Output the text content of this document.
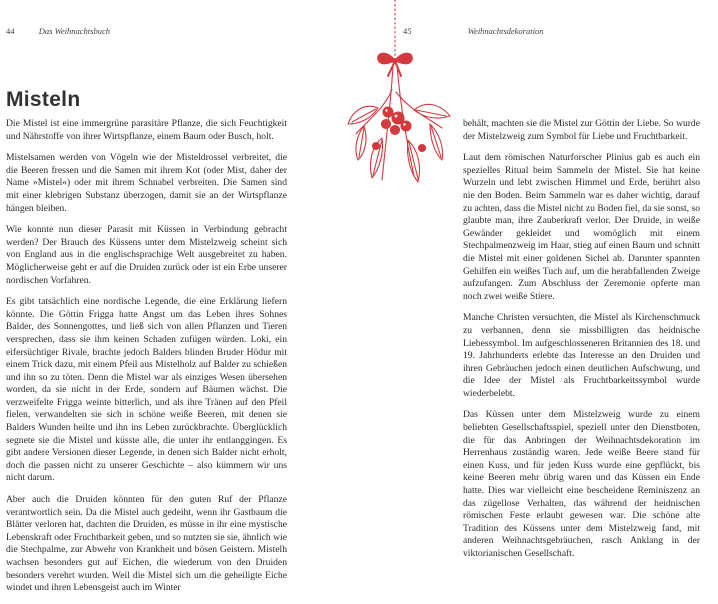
44	Das Weihnachtsbuch
Misteln

Die Mistel ist eine immergrüne parasitäre Pflanze, die sich Feuchtigkeit und Nährstoffe von ihrer Wirtspflanze, einem Baum oder Busch, holt.

Mistelsamen werden von Vögeln wie der Misteldrossel verbreitet, die die Beeren fressen und die Samen mit ihrem Kot (oder Mist, daher der Name »Mistel«) oder mit ihrem Schnabel verbreiten. Die Samen sind mit einer klebrigen Substanz überzogen, damit sie an der Wirtspflanze hängen bleiben.

Wie konnte nun dieser Parasit mit Küssen in Verbindung gebracht werden? Der Brauch des Küssens unter dem Mistelzweig scheint sich von England aus in die englischsprachige Welt ausgebreitet zu haben. Möglicherweise geht er auf die Druiden zurück oder ist ein Erbe unserer nordischen Vorfahren.

Es gibt tatsächlich eine nordische Legende, die eine Erklärung liefern könnte. Die Göttin Frigga hatte Angst um das Leben ihres Sohnes Balder, des Sonnengottes, und ließ sich von allen Pflanzen und Tieren versprechen, dass sie ihm keinen Schaden zufügen würden. Loki, ein eifersüchtiger Rivale, brachte jedoch Balders blinden Bruder Hödur mit einem Trick dazu, mit einem Pfeil aus Mistelholz auf Balder zu schießen und ihn so zu töten. Denn die Mistel war als einziges Wesen übersehen worden, da sie nicht in der Erde, sondern auf Bäumen wächst. Die verzweifelte Frigga weinte bitterlich, und als ihre Tränen auf den Pfeil fielen, verwandelten sie sich in schöne weiße Beeren, mit denen sie Balders Wunden heilte und ihn ins Leben zurückbrachte. Überglücklich segnete sie die Mistel und küsste alle, die unter ihr entlanggingen. Es gibt andere Versionen dieser Legende, in denen sich Balder nicht erholt, doch die passen nicht zu unserer Geschichte – also kümmern wir uns nicht darum.

Aber auch die Druiden könnten für den guten Ruf der Pflanze verantwortlich sein. Da die Mistel auch gedeiht, wenn ihr Gastbaum die Blätter verloren hat, dachten die Druiden, es müsse in ihr eine mystische Lebenskraft oder Fruchtbarkeit geben, und so nutzten sie sie, ähnlich wie die Stechpalme, zur Abwehr von Krankheit und bösen Geistern. Mistelh wachsen besonders gut auf Eichen, die wiederum von den Druiden besonders verehrt wurden. Weil die Mistel sich um die geheiligte Eiche windet und ihren Lebensgeist auch im Winter

45	Weihnachtsdekoration

behält, machten sie die Mistel zur Göttin der Liebe. So wurde der Mistelzweig zum Symbol für Liebe und Fruchtbarkeit.

Laut dem römischen Naturforscher Plinius gab es auch ein spezielles Ritual beim Sammeln der Mistel. Sie hat keine Wurzeln und lebt zwischen Himmel und Erde, berührt also nie den Boden. Beim Sammeln war es daher wichtig, darauf zu achten, dass die Mistel nicht zu Boden fiel, da sie sonst, so glaubte man, ihre Zauberkraft verlor. Der Druide, in weiße Gewänder gekleidet und womöglich mit einem Stechpalmenzweig im Haar, stieg auf einen Baum und schnitt die Mistel mit einer goldenen Sichel ab. Darunter spannten Gehilfen ein weißes Tuch auf, um die herabfallenden Zweige aufzufangen. Zum Abschluss der Zeremonie opferte man noch zwei weiße Stiere.

Manche Christen versuchten, die Mistel als Kirchenschmuck zu verbannen, denn sie missbilligten das heidnische Liebessymbol. Im aufgeschlosseneren Britannien des 18. und 19. Jahrhunderts erlebte das Interesse an den Druiden und ihren Gebräuchen jedoch einen deutlichen Aufschwung, und die Idee der Mistel als Fruchtbarkeitssymbol wurde wiederbelebt.

Das Küssen unter dem Mistelzweig wurde zu einem beliebten Gesellschaftsspiel, speziell unter den Dienstboten, die für das Anbringen der Weihnachtsdekoration im Herrenhaus zuständig waren. Jede weiße Beere stand für einen Kuss, und für jeden Kuss wurde eine gepflückt, bis keine Beeren mehr übrig waren und das Küssen ein Ende hatte. Dies war vielleicht eine bescheidene Reminiszenz an das zügellose Verhalten, das während der heidnischen römischen Feste erlaubt gewesen war. Die schöne alte Tradition des Küssens unter dem Mistelzweig fand, mit anderen Weihnachtsgebräuchen, rasch Anklang in der viktorianischen Gesellschaft.
